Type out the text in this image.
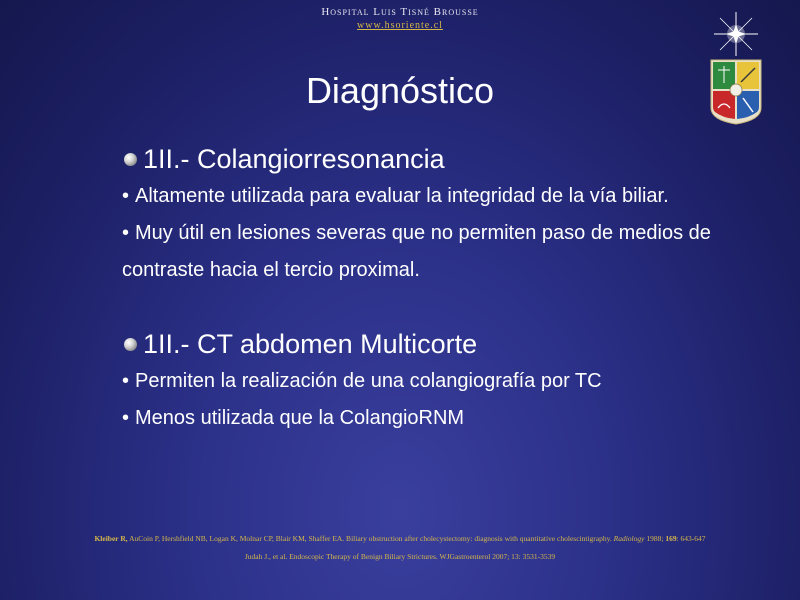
Hospital Luis Tisné Brousse
www.hsoriente.cl
Diagnóstico
1II.- Colangiorresonancia
• Altamente utilizada para evaluar la integridad de la vía biliar.
• Muy útil en lesiones severas que no permiten paso de medios de contraste hacia el tercio proximal.
1II.- CT abdomen Multicorte
• Permiten la realización de una colangiografía por TC
• Menos utilizada que la ColangioRNM
Kleiber R, AuCoin P, Hershfield NB, Logan K, Molnar CP, Blair KM, Shaffer EA. Biliary obstruction after cholecystectomy: diagnosis with quantitative cholescintigraphy. Radiology 1988; 169: 643-647
Judah J., et al. Endoscopic Therapy of Benign Biliary Strictures. WJGastroenterol 2007; 13: 3531-3539
